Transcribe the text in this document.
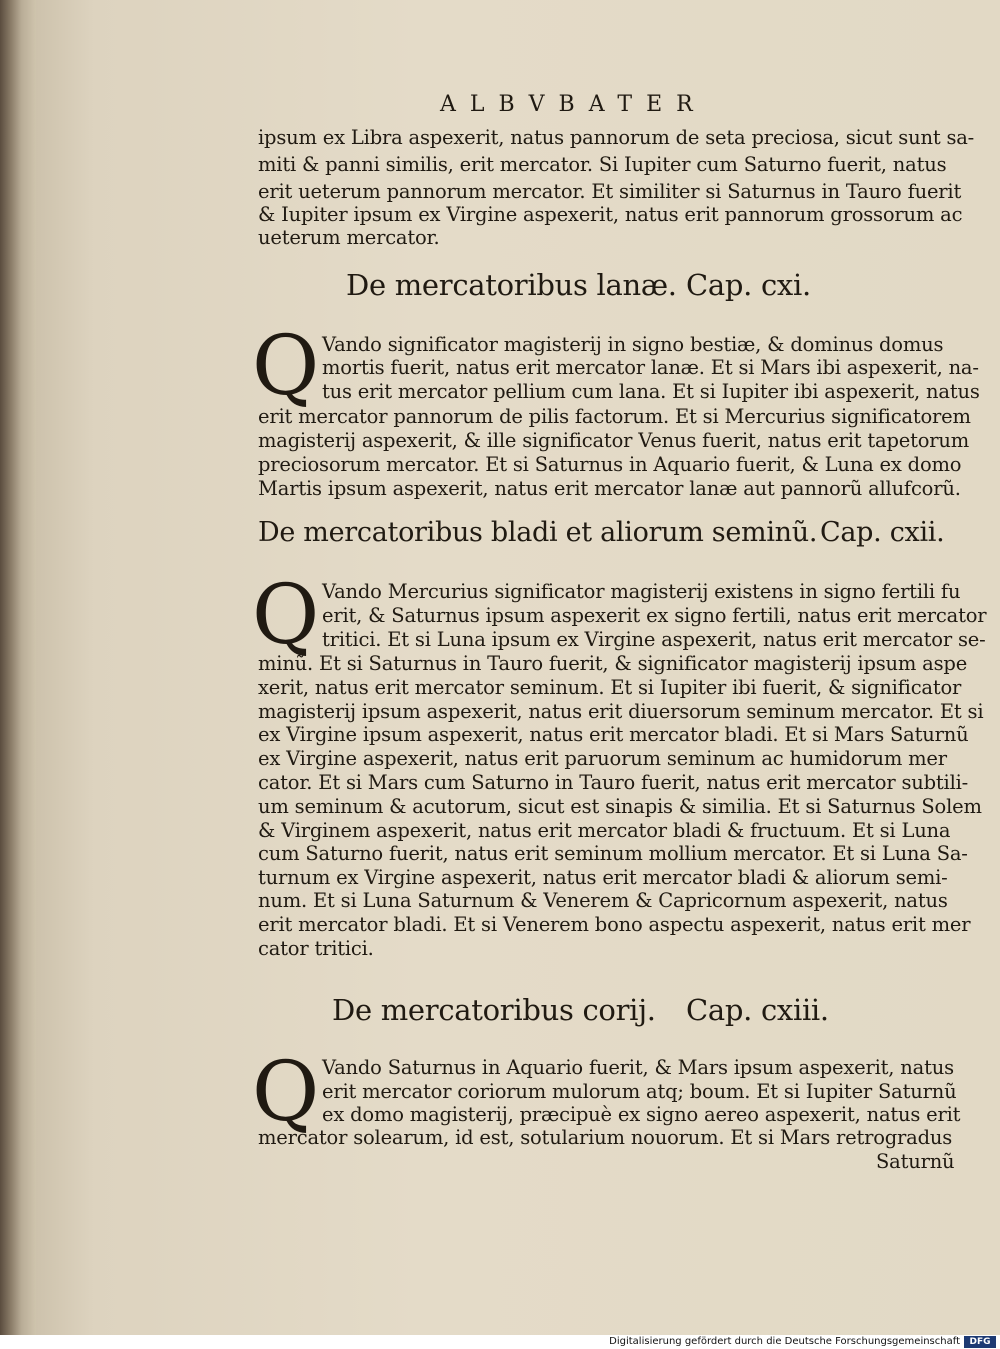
ALBVBATER
ipsum ex Libra aspexerit, natus pannorum de seta preciosa, sicut sunt sa-
miti & panni similis, erit mercator. Si Iupiter cum Saturno fuerit, natus
erit ueterum pannorum mercator. Et similiter si Saturnus in Tauro fuerit
& Iupiter ipsum ex Virgine aspexerit, natus erit pannorum grossorum ac
ueterum mercator.
De mercatoribus lanæ. Cap. cxi.
Q Vando significator magisterij in signo bestiæ, & dominus domus
mortis fuerit, natus erit mercator lanæ. Et si Mars ibi aspexerit, na-
tus erit mercator pellium cum lana. Et si Iupiter ibi aspexerit, natus
erit mercator pannorum de pilis factorum. Et si Mercurius significatorem
magisterij aspexerit, & ille significator Venus fuerit, natus erit tapetorum
preciosorum mercator. Et si Saturnus in Aquario fuerit, & Luna ex domo
Martis ipsum aspexerit, natus erit mercator lanæ aut pannorũ allufcorũ.
De mercatoribus bladi et aliorum seminũ. Cap. cxii.
Q Vando Mercurius significator magisterij existens in signo fertili fu
erit, & Saturnus ipsum aspexerit ex signo fertili, natus erit mercator
tritici. Et si Luna ipsum ex Virgine aspexerit, natus erit mercator se-
minũ. Et si Saturnus in Tauro fuerit, & significator magisterij ipsum aspe
xerit, natus erit mercator seminum. Et si Iupiter ibi fuerit, & significator
magisterij ipsum aspexerit, natus erit diuersorum seminum mercator. Et si
ex Virgine ipsum aspexerit, natus erit mercator bladi. Et si Mars Saturnũ
ex Virgine aspexerit, natus erit paruorum seminum ac humidorum mer
cator. Et si Mars cum Saturno in Tauro fuerit, natus erit mercator subtili-
um seminum & acutorum, sicut est sinapis & similia. Et si Saturnus Solem
& Virginem aspexerit, natus erit mercator bladi & fructuum. Et si Luna
cum Saturno fuerit, natus erit seminum mollium mercator. Et si Luna Sa-
turnum ex Virgine aspexerit, natus erit mercator bladi & aliorum semi-
num. Et si Luna Saturnum & Venerem & Capricornum aspexerit, natus
erit mercator bladi. Et si Venerem bono aspectu aspexerit, natus erit mer
cator tritici.
De mercatoribus corij. Cap. cxiii.
Q Vando Saturnus in Aquario fuerit, & Mars ipsum aspexerit, natus
erit mercator coriorum mulorum atq; boum. Et si Iupiter Saturnũ
ex domo magisterij, præcipuè ex signo aereo aspexerit, natus erit
mercator solearum, id est, sotularium nouorum. Et si Mars retrogradus
Saturnũ
Digitalisierung gefördert durch die Deutsche Forschungsgemeinschaft	DFG
